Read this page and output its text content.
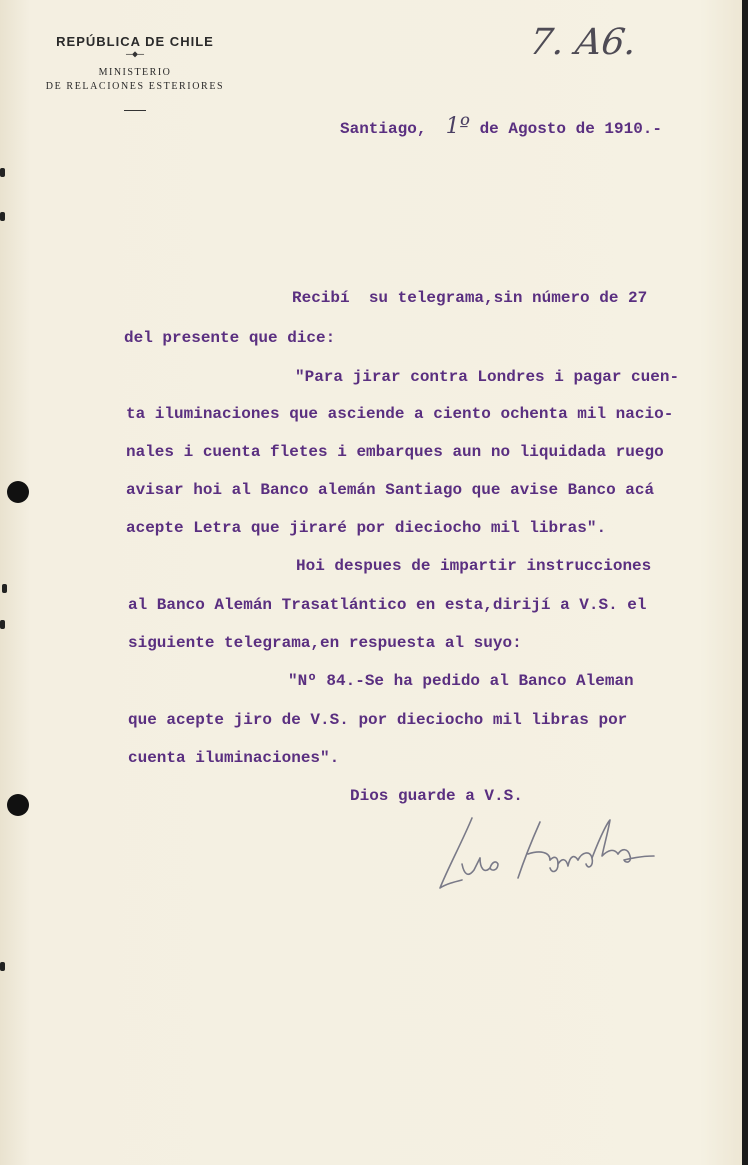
REPÚBLICA DE CHILE
—◆—
MINISTERIO
DE RELACIONES ESTERIORES
7. A6.
Santiago, 1º de Agosto de 1910.-
Recibí  su telegrama,sin número de 27
del presente que dice:
"Para jirar contra Londres i pagar cuen-
ta iluminaciones que asciende a ciento ochenta mil nacio-
nales i cuenta fletes i embarques aun no liquidada ruego
avisar hoi al Banco alemán Santiago que avise Banco acá
acepte Letra que jiraré por dieciocho mil libras".
Hoi despues de impartir instrucciones
al Banco Alemán Trasatlántico en esta,dirijí a V.S. el
siguiente telegrama,en respuesta al suyo:
"Nº 84.-Se ha pedido al Banco Aleman
que acepte jiro de V.S. por dieciocho mil libras por
cuenta iluminaciones".
Dios guarde a V.S.
